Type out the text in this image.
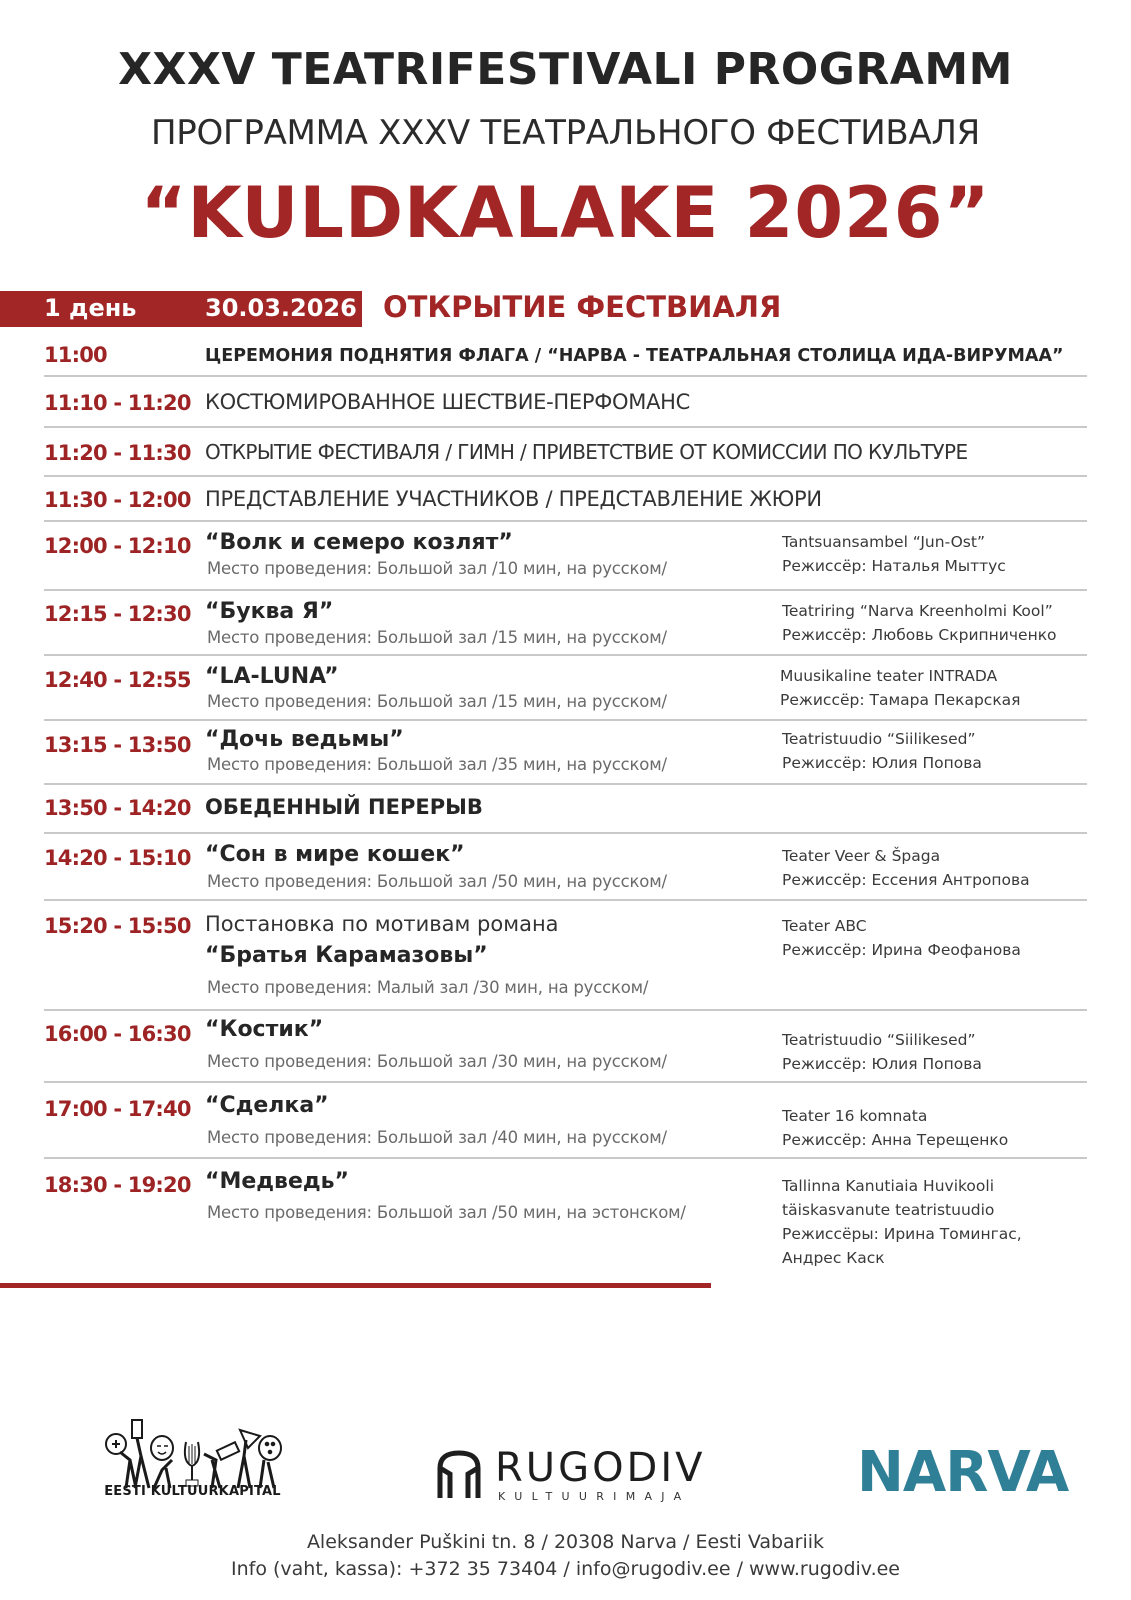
XXXV TEATRIFESTIVALI PROGRAMM
ПРОГРАММА XXXV ТЕАТРАЛЬНОГО ФЕСТИВАЛЯ
“KULDKALAKE 2026”
1 день	30.03.2026 ОТКРЫТИЕ ФЕСТВИАЛЯ
11:00	ЦЕРЕМОНИЯ ПОДНЯТИЯ ФЛАГА / “НАРВА - ТЕАТРАЛЬНАЯ СТОЛИЦА ИДА-ВИРУМАА”
11:10 - 11:20 КОСТЮМИРОВАННОЕ ШЕСТВИЕ-ПЕРФОМАНС
11:20 - 11:30 ОТКРЫТИЕ ФЕСТИВАЛЯ / ГИМН / ПРИВЕТСТВИЕ ОТ КОМИССИИ ПО КУЛЬТУРЕ
11:30 - 12:00 ПРЕДСТАВЛЕНИЕ УЧАСТНИКОВ / ПРЕДСТАВЛЕНИЕ ЖЮРИ
12:00 - 12:10 “Волк и семеро козлят”
Место проведения: Большой зал /10 мин, на русском/
Tantsuansambel “Jun-Ost”
Режиссёр: Наталья Мыттус
12:15 - 12:30 “Буква Я”
Место проведения: Большой зал /15 мин, на русском/
Teatriring “Narva Kreenholmi Kool”
Режиссёр: Любовь Скрипниченко
12:40 - 12:55 “LA-LUNA”
Место проведения: Большой зал /15 мин, на русском/
Muusikaline teater INTRADA
Режиссёр: Тамара Пекарская
13:15 - 13:50 “Дочь ведьмы”
Место проведения: Большой зал /35 мин, на русском/
Teatristuudio “Siilikesed”
Режиссёр: Юлия Попова
13:50 - 14:20 ОБЕДЕННЫЙ ПЕРЕРЫВ
14:20 - 15:10 “Сон в мире кошек”
Место проведения: Большой зал /50 мин, на русском/
Teater Veer & Špaga
Режиссёр: Ессения Антропова
15:20 - 15:50 Постановка по мотивам романа
“Братья Карамазовы”
Место проведения: Малый зал /30 мин, на русском/
Teater ABC
Режиссёр: Ирина Феофанова
16:00 - 16:30 “Костик”
Место проведения: Большой зал /30 мин, на русском/
Teatristuudio “Siilikesed”
Режиссёр: Юлия Попова
17:00 - 17:40 “Сделка”
Место проведения: Большой зал /40 мин, на русском/
Teater 16 komnata
Режиссёр: Анна Терещенко
18:30 - 19:20 “Медведь”
Место проведения: Большой зал /50 мин, на эстонском/
Tallinna Kanutiaia Huvikooli
täiskasvanute teatristuudio
Режиссёры: Ирина Томингас,
Андрес Каск
EESTI KULTUURKAPITAL
RUGODIV
KULTUURIMAJA	NARVA
Aleksander Puškini tn. 8 / 20308 Narva / Eesti Vabariik
Info (vaht, kassa): +372 35 73404 / info@rugodiv.ee / www.rugodiv.ee
